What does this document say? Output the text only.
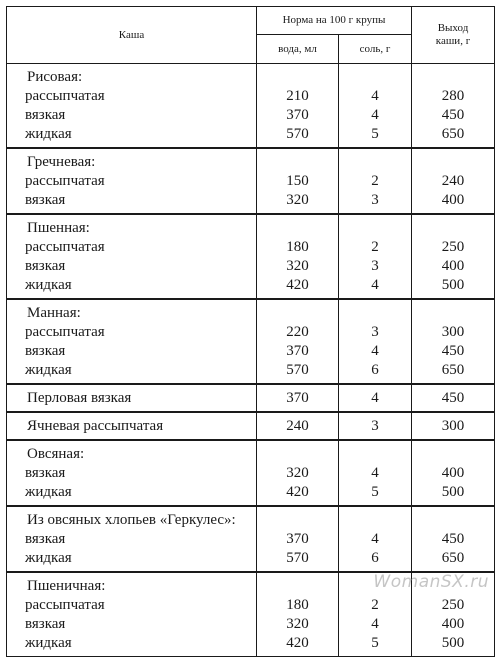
Каша	Норма на 100 г крупы		Выход
каши, г
	вода, мл	соль, г	
Рисовая:			
рассыпчатая	210	4	280
вязкая	370	4	450
жидкая	570	5	650
Гречневая:			
рассыпчатая	150	2	240
вязкая	320	3	400
Пшенная:			
рассыпчатая	180	2	250
вязкая	320	3	400
жидкая	420	4	500
Манная:			
рассыпчатая	220	3	300
вязкая	370	4	450
жидкая	570	6	650
Перловая вязкая	370	4	450
Ячневая рассыпчатая	240	3	300
Овсяная:			
вязкая	320	4	400
жидкая	420	5	500
Из овсяных хлопьев «Геркулес»:			
вязкая	370	4	450
жидкая	570	6	650
Пшеничная:			
рассыпчатая	180	2	250
вязкая	320	4	400
жидкая	420	5	500
WomanSX.ru
